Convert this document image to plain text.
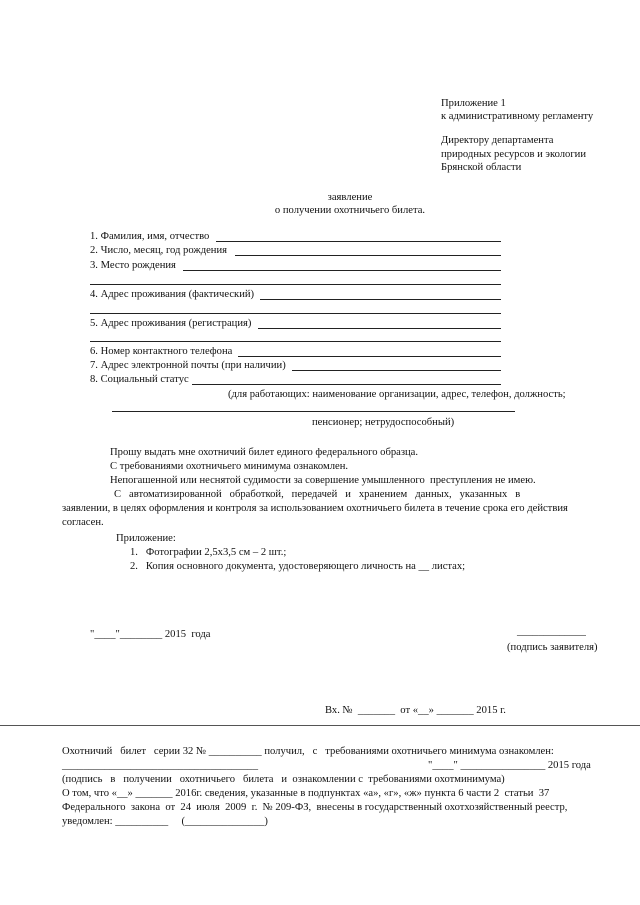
Приложение 1
к административному регламенту
Директору департамента
природных ресурсов и экологии
Брянской области
заявление
о получении охотничьего билета.
1. Фамилия, имя, отчество
2. Число, месяц, год рождения
3. Место рождения
4. Адрес проживания (фактический)
5. Адрес проживания (регистрация)
6. Номер контактного телефона
7. Адрес электронной почты (при наличии)
8. Социальный статус
(для работающих: наименование организации, адрес, телефон, должность;
пенсионер; нетрудоспособный)
Прошу выдать мне охотничий билет единого федерального образца.
С требованиями охотничьего минимума ознакомлен.
Непогашенной или неснятой судимости за совершение умышленного  преступления не имею.
С   автоматизированной   обработкой,   передачей   и   хранением   данных,   указанных   в
заявлении, в целях оформления и контроля за использованием охотничьего билета в течение срока его действия
согласен.
Приложение:
1.   Фотографии 2,5х3,5 см – 2 шт.;
2.   Копия основного документа, удостоверяющего личность на __ листах;
"____"________ 2015  года	_____________
(подпись заявителя)
Вх. №  _______  от «__» _______ 2015 г.
Охотничий   билет   серии 32 № __________ получил,   с   требованиями охотничьего минимума ознакомлен:
_____________________________________	"____" ________________ 2015 года
(подпись   в   получении   охотничьего   билета   и  ознакомлении с  требованиями охотминимума)
О том, что «__» _______ 2016г. сведения, указанные в подпунктах «а», «г», «ж» пункта 6 части 2  статьи  37
Федерального  закона  от  24  июля  2009  г.  № 209-ФЗ,  внесены в государственный охотхозяйственный реестр,
уведомлен: __________     (_______________)
